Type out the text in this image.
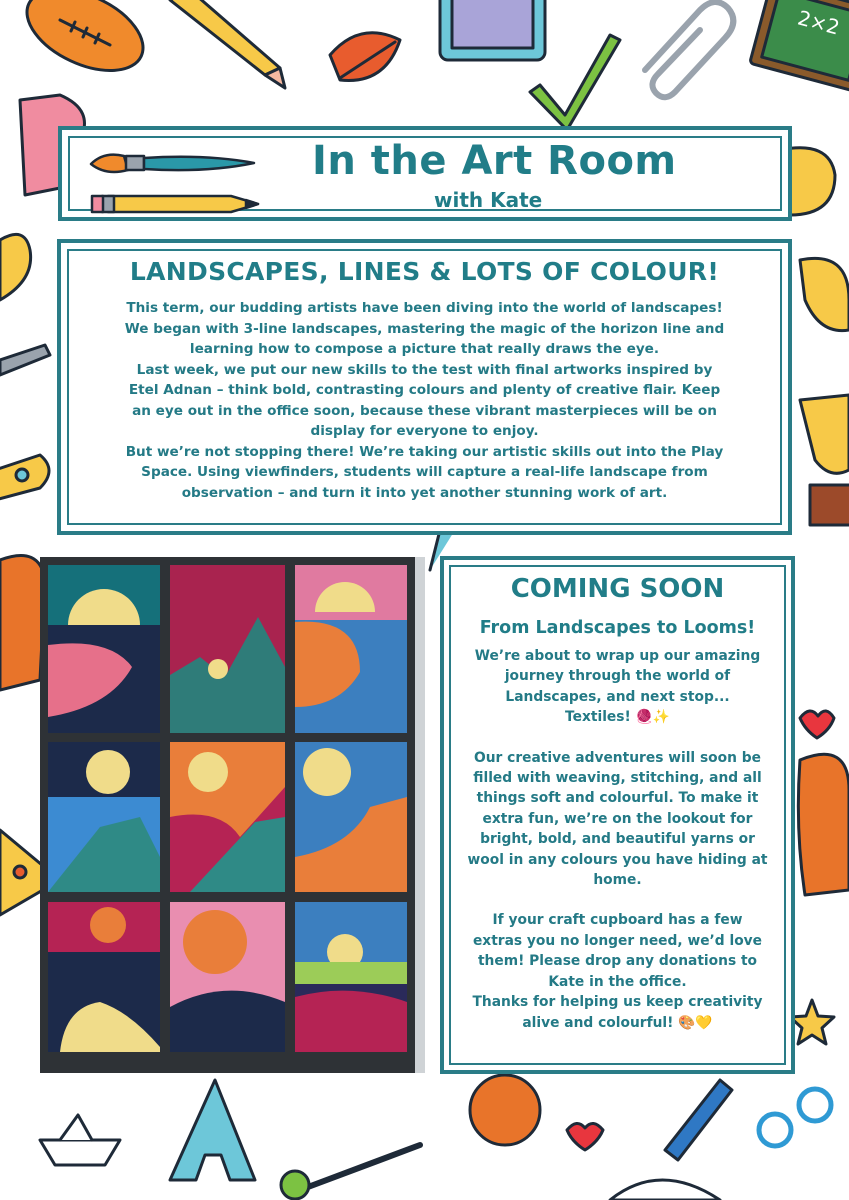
2×2
In the Art Room
with Kate
LANDSCAPES, LINES & LOTS OF COLOUR!
This term, our budding artists have been diving into the world of landscapes!
We began with 3-line landscapes, mastering the magic of the horizon line and
learning how to compose a picture that really draws the eye.
Last week, we put our new skills to the test with final artworks inspired by
Etel Adnan – think bold, contrasting colours and plenty of creative flair. Keep
an eye out in the office soon, because these vibrant masterpieces will be on
display for everyone to enjoy.
But we’re not stopping there! We’re taking our artistic skills out into the Play
Space. Using viewfinders, students will capture a real-life landscape from
observation – and turn it into yet another stunning work of art.
COMING SOON
From Landscapes to Looms!

We’re about to wrap up our amazing
journey through the world of
Landscapes, and next stop...
Textiles! 🧶✨

Our creative adventures will soon be
filled with weaving, stitching, and all
things soft and colourful. To make it
extra fun, we’re on the lookout for
bright, bold, and beautiful yarns or
wool in any colours you have hiding at
home.

If your craft cupboard has a few
extras you no longer need, we’d love
them! Please drop any donations to
Kate in the office.
Thanks for helping us keep creativity
alive and colourful! 🎨💛
